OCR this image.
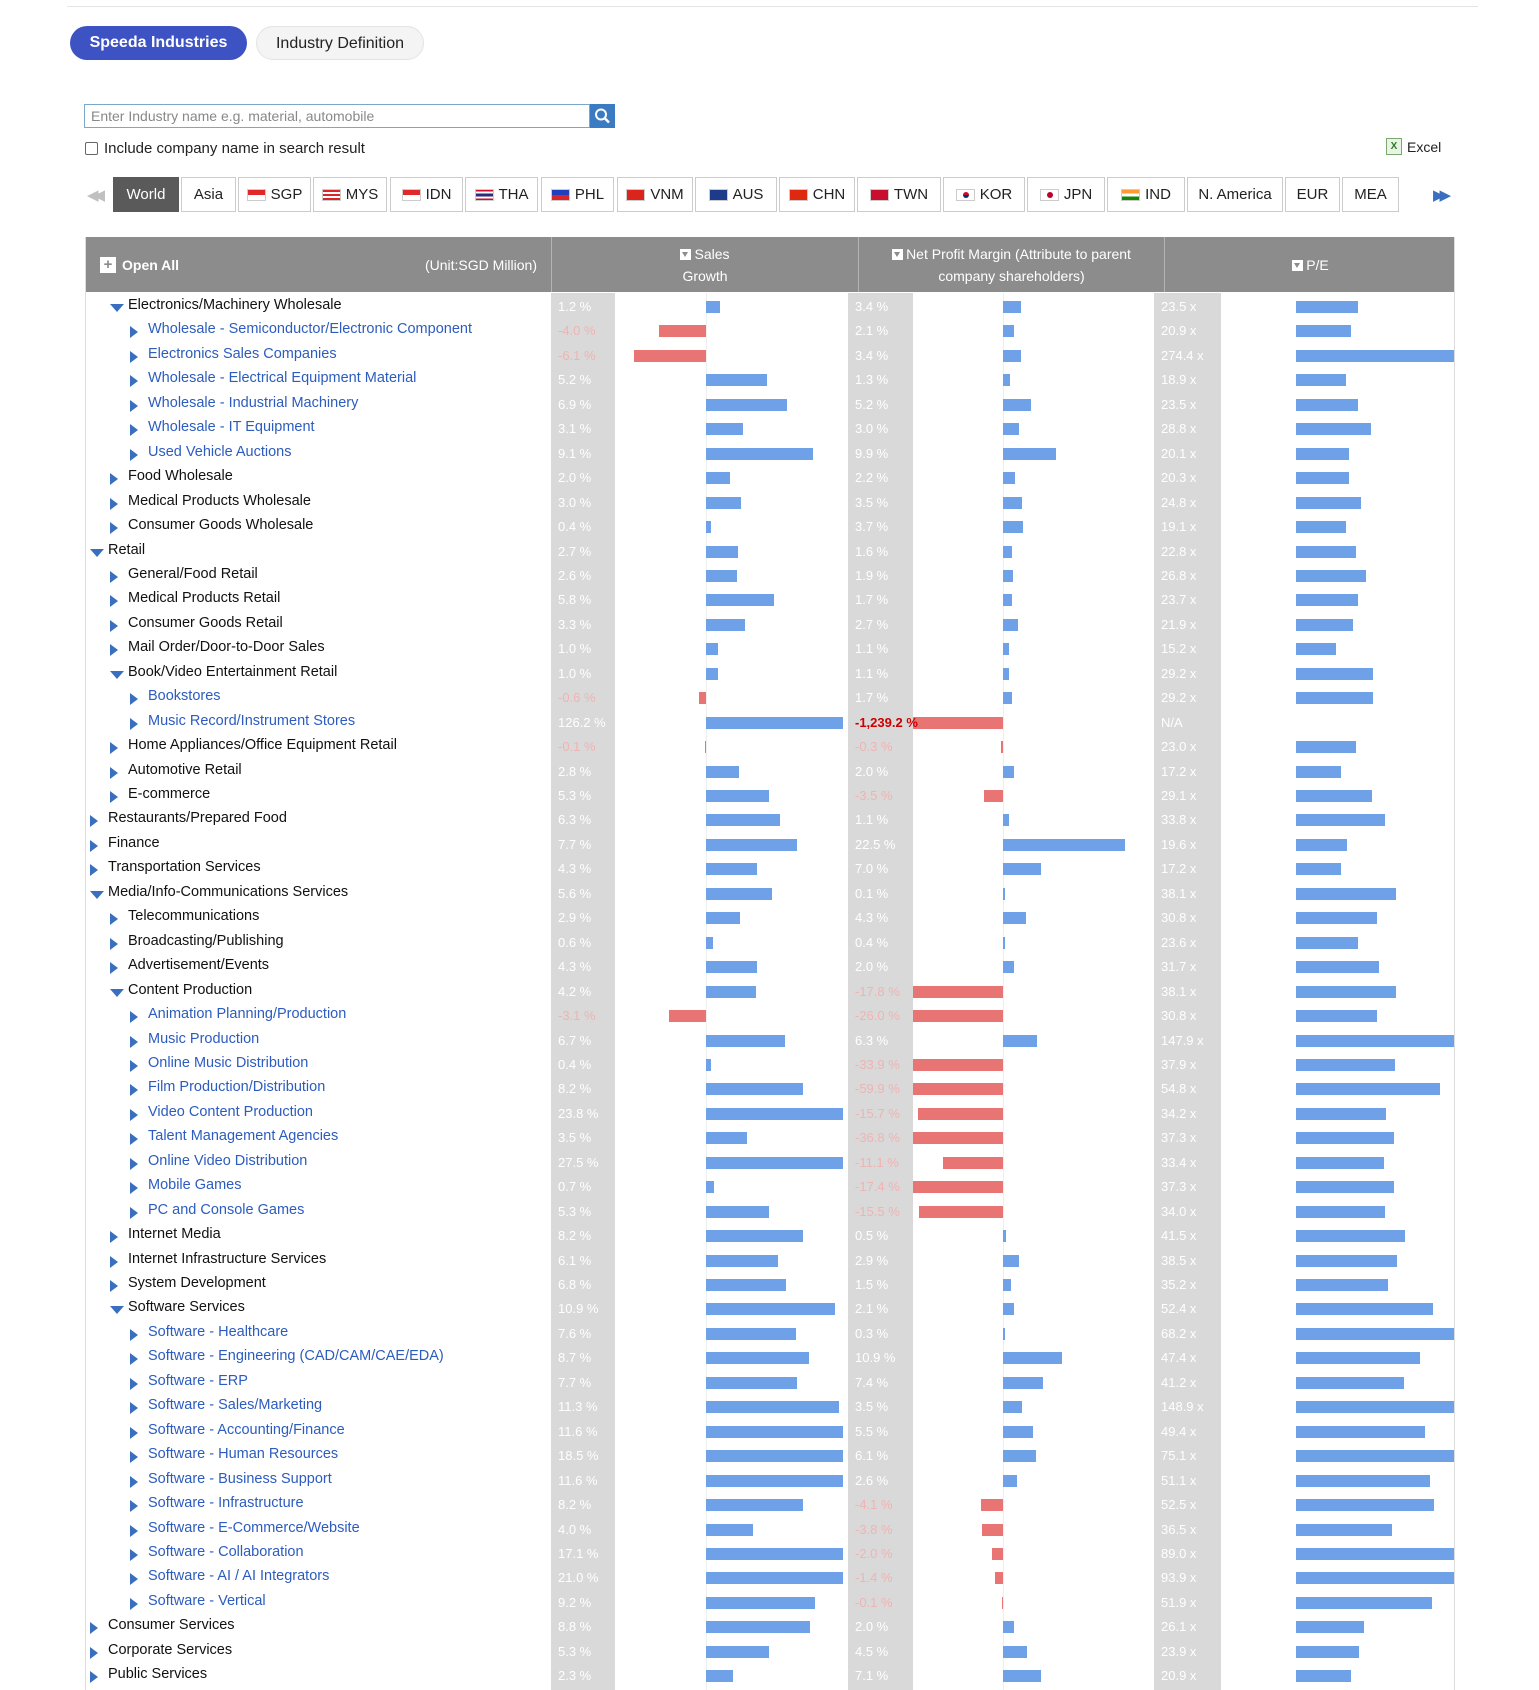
Speeda Industries	Industry Definition
Enter Industry name e.g. material, automobile
Include company name in search result	X Excel
◀◀ World Asia	SGP	MYS	IDN	THA	PHL	VNM	AUS	CHN	TWN	KOR	JPN	IND N. America EUR MEA	▶▶
+ Open All	(Unit:SGD Million)
Sales
Growth
Net Profit Margin (Attribute to parent
company shareholders)
P/E
Electronics/Machinery Wholesale	1.2 %	3.4 %	23.5 x
Wholesale - Semiconductor/Electronic Component	-4.0 %	2.1 %	20.9 x
Electronics Sales Companies	-6.1 %	3.4 %	274.4 x
Wholesale - Electrical Equipment Material	5.2 %	1.3 %	18.9 x
Wholesale - Industrial Machinery	6.9 %	5.2 %	23.5 x
Wholesale - IT Equipment	3.1 %	3.0 %	28.8 x
Used Vehicle Auctions	9.1 %	9.9 %	20.1 x
Food Wholesale	2.0 %	2.2 %	20.3 x
Medical Products Wholesale	3.0 %	3.5 %	24.8 x
Consumer Goods Wholesale	0.4 %	3.7 %	19.1 x
Retail	2.7 %	1.6 %	22.8 x
General/Food Retail	2.6 %	1.9 %	26.8 x
Medical Products Retail	5.8 %	1.7 %	23.7 x
Consumer Goods Retail	3.3 %	2.7 %	21.9 x
Mail Order/Door-to-Door Sales	1.0 %	1.1 %	15.2 x
Book/Video Entertainment Retail	1.0 %	1.1 %	29.2 x
Bookstores	-0.6 %	1.7 %	29.2 x
Music Record/Instrument Stores	126.2 %	-1,239.2 %	N/A
Home Appliances/Office Equipment Retail	-0.1 %	-0.3 %	23.0 x
Automotive Retail	2.8 %	2.0 %	17.2 x
E-commerce	5.3 %	-3.5 %	29.1 x
Restaurants/Prepared Food	6.3 %	1.1 %	33.8 x
Finance	7.7 %	22.5 %	19.6 x
Transportation Services	4.3 %	7.0 %	17.2 x
Media/Info-Communications Services	5.6 %	0.1 %	38.1 x
Telecommunications	2.9 %	4.3 %	30.8 x
Broadcasting/Publishing	0.6 %	0.4 %	23.6 x
Advertisement/Events	4.3 %	2.0 %	31.7 x
Content Production	4.2 %	-17.8 %	38.1 x
Animation Planning/Production	-3.1 %	-26.0 %	30.8 x
Music Production	6.7 %	6.3 %	147.9 x
Online Music Distribution	0.4 %	-33.9 %	37.9 x
Film Production/Distribution	8.2 %	-59.9 %	54.8 x
Video Content Production	23.8 %	-15.7 %	34.2 x
Talent Management Agencies	3.5 %	-36.8 %	37.3 x
Online Video Distribution	27.5 %	-11.1 %	33.4 x
Mobile Games	0.7 %	-17.4 %	37.3 x
PC and Console Games	5.3 %	-15.5 %	34.0 x
Internet Media	8.2 %	0.5 %	41.5 x
Internet Infrastructure Services	6.1 %	2.9 %	38.5 x
System Development	6.8 %	1.5 %	35.2 x
Software Services	10.9 %	2.1 %	52.4 x
Software - Healthcare	7.6 %	0.3 %	68.2 x
Software - Engineering (CAD/CAM/CAE/EDA)	8.7 %	10.9 %	47.4 x
Software - ERP	7.7 %	7.4 %	41.2 x
Software - Sales/Marketing	11.3 %	3.5 %	148.9 x
Software - Accounting/Finance	11.6 %	5.5 %	49.4 x
Software - Human Resources	18.5 %	6.1 %	75.1 x
Software - Business Support	11.6 %	2.6 %	51.1 x
Software - Infrastructure	8.2 %	-4.1 %	52.5 x
Software - E-Commerce/Website	4.0 %	-3.8 %	36.5 x
Software - Collaboration	17.1 %	-2.0 %	89.0 x
Software - AI / AI Integrators	21.0 %	-1.4 %	93.9 x
Software - Vertical	9.2 %	-0.1 %	51.9 x
Consumer Services	8.8 %	2.0 %	26.1 x
Corporate Services	5.3 %	4.5 %	23.9 x
Public Services	2.3 %	7.1 %	20.9 x
